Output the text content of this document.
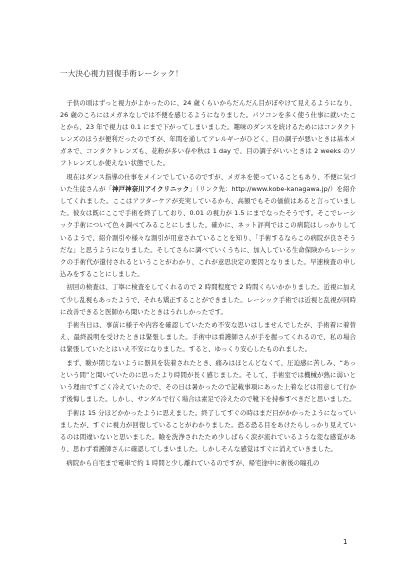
一大決心視力回復手術レーシック！

子供の頃はずっと視力がよかったのに、24 歳くらいからだんだん目がぼやけて見えるようになり、26 歳のころにはメガネなしでは不便を感じるようになりました。パソコンを多く使う仕事に就いたことから、23 年で視力は 0.1 にまで下がってしまいました。趣味のダンスを続けるためにはコンタクトレンズのほうが便利だったのですが、年間を通してアレルギーがひどく、目の調子が悪いときは基本メガネで、コンタクトレンズも、花粉が多い春や秋は 1 day で、目の調子がいいときは 2 weeks のソフトレンズしか使えない状態でした。

現在はダンス指導の仕事をメインでしているのですが、メガネを使っていることもあり、不便に気づいた生徒さんが「神戸神奈川アイクリニック」（リンク先：http://www.kobe-kanagawa.jp/）を紹介してくれました。ここはアフターケアが充実しているから、高額でもその価値はあると言っていました。彼女は既にここで手術を終了しており、0.01 の視力が 1.5 にまでなったそうです。そこでレーシック手術について色々調べてみることにしました。確かに、ネット評判ではこの病院はしっかりしているようで、紹介割引や様々な割引が用意されていることを知り、「手術するならこの病院が良さそうだな」と思うようになりました。そしてさらに調べていくうちに、加入している生命保険からレーシックの手術代が還付されるということがわかり、これが意思決定の要因となりました。早速検査の申し込みをすることにしました。

初回の検査は、丁寧に検査をしてくれるので 2 時間程度で 2 時間くらいかかりました。近視に加えて少し乱視もあったようで、それも矯正することができました。レーシック手術では近視と乱視が同時に改善できると医師から聞いたときはうれしかったです。

手術当日は、事前に様子や内容を確認していたため不安な思いはしませんでしたが、手術着に着替え、最終説明を受けたときは緊張しました。手術中は看護師さんが手を握ってくれるので、私の場合は緊張していたとはいえ不安になりました。すると、ゆっくり安心したものれました。

まず、瞼が閉じないように器具を装着されたとき、痛みはほとんどなくて、圧迫感に苦しみ、“あっという間”と聞いていたのに思ったより時間が長く感じました。そして、手術室では機械が熱に弱いという理由ですごく冷えていたので、その日は暑かったので記載事項にあった上着などは用意して行かず後悔しました。しかし、サンダルで行く場合は素足で冷えたので靴下を持参すべきだと思いました。

手術は 15 分ほどかかったように思えました。終了してすぐの時はまだ目がかかったようになっていましたが、すぐに視力が回復していることがわかりました。恐る恐る目をあけたらしっかり見えているのは間違いないと思いました。瞼を洗浄されたため少しばらく涙が流れているような変な感覚があり、思わず看護師さんに確認してしまいました。しかしそんな感覚はすぐに消えていきました。

病院から自宅まで電車で約 1 時間と少し離れているのですが、帰宅途中に術後の瞳孔の

1
